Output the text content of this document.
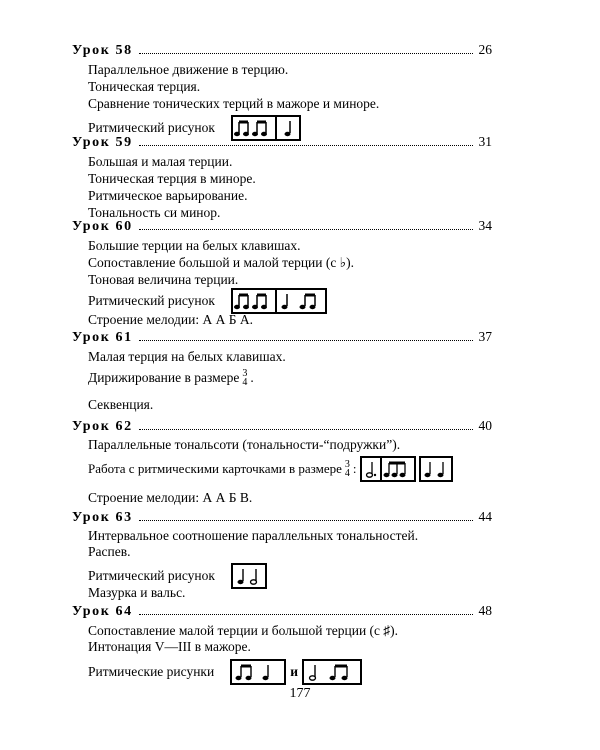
Урок 58	26
Параллельное движение в терцию.
Тоническая терция.
Сравнение тонических терций в мажоре и миноре.
Ритмический рисунок
Урок 59	31
Большая и малая терции.
Тоническая терция в миноре.
Ритмическое варьирование.
Тональность си минор.
Урок 60	34
Большие терции на белых клавишах.
Сопоставление большой и малой терции (c ♭).
Тоновая величина терции.
Ритмический рисунок
Строение мелодии: А А Б А.
Урок 61	37
Малая терция на белых клавишах.
Дирижирование в размере 3
4 .
Секвенция.
Урок 62	40
Параллельные тональсоти (тональности-“подружки”).
Работа с ритмическими карточками в размере 3
4 :
Строение мелодии: А А Б В.
Урок 63	44
Интервальное соотношение параллельных тональностей.
Распев.
Ритмический рисунок
Мазурка и вальс.
Урок 64	48
Сопоставление малой терции и большой терции (c ♯).
Интонация V—III в мажоре.
Ритмические рисунки	и
177
